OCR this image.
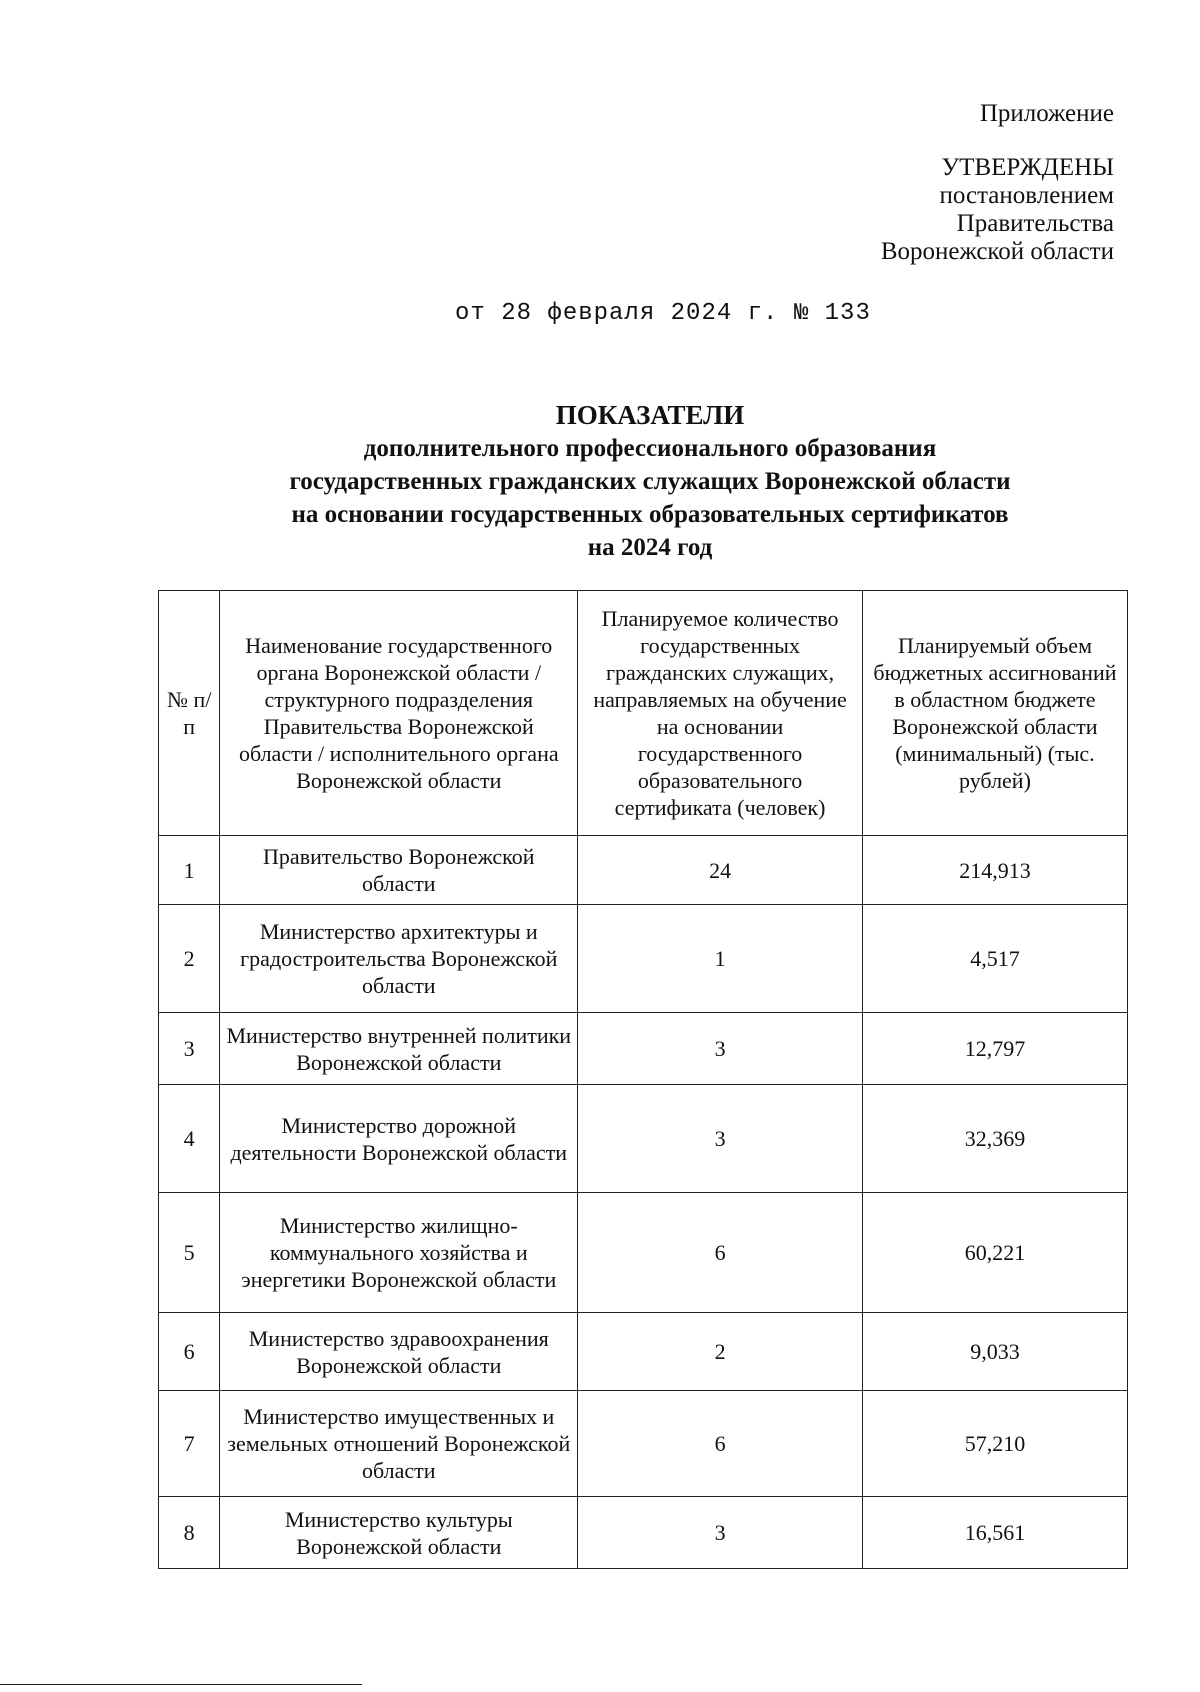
Приложение
УТВЕРЖДЕНЫ
постановлением
Правительства
Воронежской области
от 28 февраля 2024 г. № 133
ПОКАЗАТЕЛИ
дополнительного профессионального образования
государственных гражданских служащих Воронежской области
на основании государственных образовательных сертификатов
на 2024 год
№ п/п	Наименование государственного органа Воронежской области / структурного подразделения Правительства Воронежской области / исполнительного органа Воронежской области	Планируемое количество государственных гражданских служащих, направляемых на обучение на основании государственного образовательного сертификата (человек)	Планируемый объем бюджетных ассигнований в областном бюджете Воронежской области (минимальный) (тыс. рублей)
1	Правительство Воронежской области	24	214,913
2	Министерство архитектуры и градостроительства Воронежской области	1	4,517
3	Министерство внутренней политики Воронежской области	3	12,797
4	Министерство дорожной деятельности Воронежской области	3	32,369
5	Министерство жилищно-коммунального хозяйства и энергетики Воронежской области	6	60,221
6	Министерство здравоохранения Воронежской области	2	9,033
7	Министерство имущественных и земельных отношений Воронежской области	6	57,210
8	Министерство культуры Воронежской области	3	16,561
